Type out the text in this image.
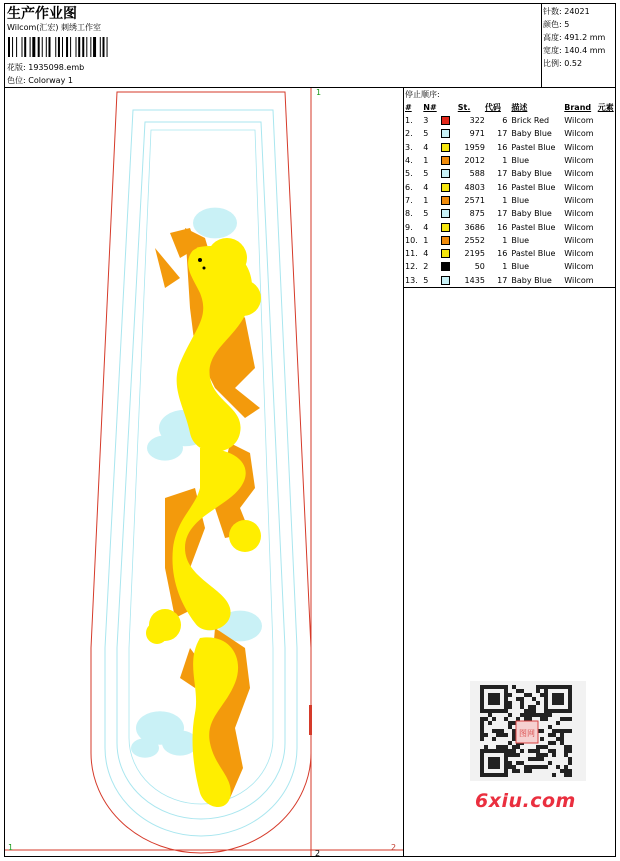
生产作业图
Wilcom(汇宏) 刺绣工作室
花版: 1935098.emb
色位: Colorway 1
针数: 24021
颜色: 5
高度: 491.2 mm
宽度: 140.4 mm
比例: 0.52
停止顺序:
#	N#		St.	代码	描述	Brand	元素
1.	3		322	6	Brick Red	Wilcom	
2.	5		971	17	Baby Blue	Wilcom	
3.	4		1959	16	Pastel Blue	Wilcom	
4.	1		2012	1	Blue	Wilcom	
5.	5		588	17	Baby Blue	Wilcom	
6.	4		4803	16	Pastel Blue	Wilcom	
7.	1		2571	1	Blue	Wilcom	
8.	5		875	17	Baby Blue	Wilcom	
9.	4		3686	16	Pastel Blue	Wilcom	
10.	1		2552	1	Blue	Wilcom	
11.	4		2195	16	Pastel Blue	Wilcom	
12.	2		50	1	Blue	Wilcom	
13.	5		1435	17	Baby Blue	Wilcom	
1
1
2
2
图网
6xiu.com
